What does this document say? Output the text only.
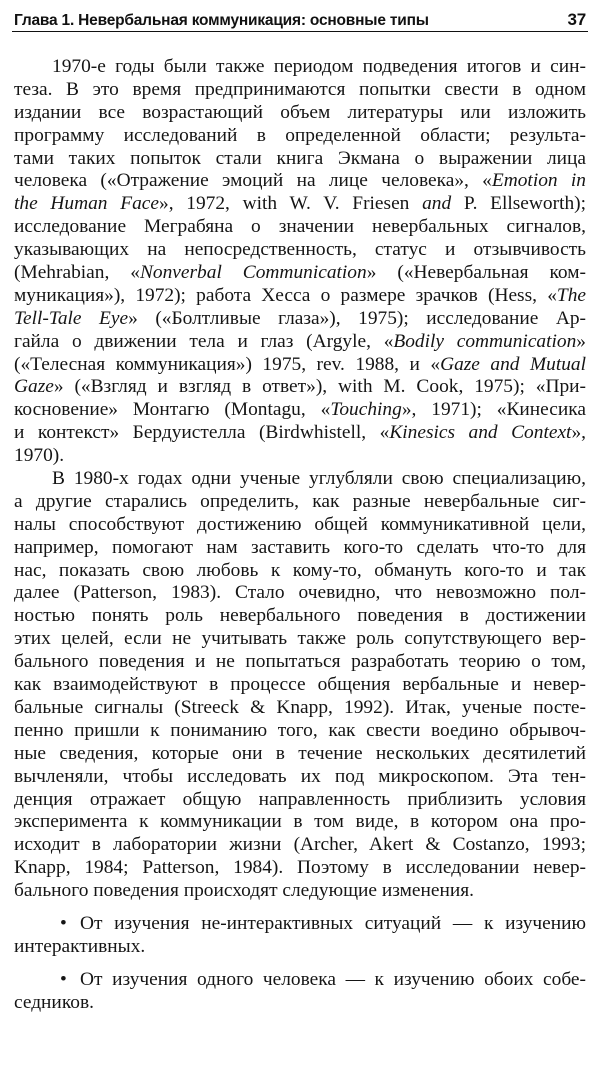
Глава 1. Невербальная коммуникация: основные типы	37
1970-е годы были также периодом подведения итогов и син-
теза. В это время предпринимаются попытки свести в одном
издании все возрастающий объем литературы или изложить
программу исследований в определенной области; результа-
тами таких попыток стали книга Экмана о выражении лица
человека («Отражение эмоций на лице человека», «Emotion in
the Human Face», 1972, with W. V. Friesen and P. Ellseworth);
исследование Меграбяна о значении невербальных сигналов,
указывающих на непосредственность, статус и отзывчивость
(Mehrabian, «Nonverbal Communication» («Невербальная ком-
муникация»), 1972); работа Хесса о размере зрачков (Hess, «The
Tell-Tale Eye» («Болтливые глаза»), 1975); исследование Ар-
гайла о движении тела и глаз (Argyle, «Bodily communication»
(«Телесная коммуникация») 1975, rev. 1988, и «Gaze and Mutual
Gaze» («Взгляд и взгляд в ответ»), with M. Cook, 1975); «При-
косновение» Монтагю (Montagu, «Touching», 1971); «Кинесика
и контекст» Бердуистелла (Birdwhistell, «Kinesics and Context»,
1970).
В 1980-х годах одни ученые углубляли свою специализацию,
а другие старались определить, как разные невербальные сиг-
налы способствуют достижению общей коммуникативной цели,
например, помогают нам заставить кого-то сделать что-то для
нас, показать свою любовь к кому-то, обмануть кого-то и так
далее (Patterson, 1983). Стало очевидно, что невозможно пол-
ностью понять роль невербального поведения в достижении
этих целей, если не учитывать также роль сопутствующего вер-
бального поведения и не попытаться разработать теорию о том,
как взаимодействуют в процессе общения вербальные и невер-
бальные сигналы (Streeck & Knapp, 1992). Итак, ученые посте-
пенно пришли к пониманию того, как свести воедино обрывоч-
ные сведения, которые они в течение нескольких десятилетий
вычленяли, чтобы исследовать их под микроскопом. Эта тен-
денция отражает общую направленность приблизить условия
эксперимента к коммуникации в том виде, в котором она про-
исходит в лаборатории жизни (Archer, Akert & Costanzo, 1993;
Knapp, 1984; Patterson, 1984). Поэтому в исследовании невер-
бального поведения происходят следующие изменения.
• От изучения не-интерактивных ситуаций — к изучению
интерактивных.
• От изучения одного человека — к изучению обоих собе-
седников.
